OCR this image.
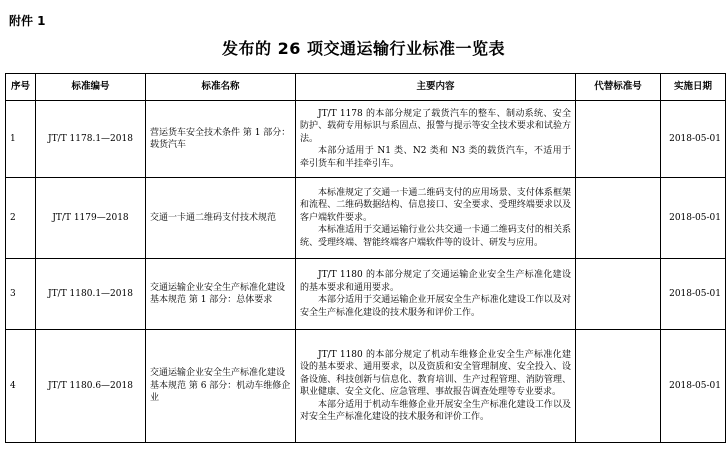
附件 1
发布的 26 项交通运输行业标准一览表
序号	标准编号	标准名称	主要内容	代替标准号	实施日期
1	JT/T 1178.1—2018	营运货车安全技术条件 第 1 部分：载货汽车	JT/T 1178 的本部分规定了载货汽车的整车、制动系统、安全防护、载荷专用标识与系固点、报警与提示等安全技术要求和试验方法。

本部分适用于 N1 类、N2 类和 N3 类的载货汽车，不适用于牵引货车和半挂牵引车。		2018-05-01
2	JT/T 1179—2018	交通一卡通二维码支付技术规范	本标准规定了交通一卡通二维码支付的应用场景、支付体系框架和流程、二维码数据结构、信息接口、安全要求、受理终端要求以及客户端软件要求。

本标准适用于交通运输行业公共交通一卡通二维码支付的相关系统、受理终端、智能终端客户端软件等的设计、研发与应用。		2018-05-01
3	JT/T 1180.1—2018	交通运输企业安全生产标准化建设基本规范 第 1 部分：总体要求	JT/T 1180 的本部分规定了交通运输企业安全生产标准化建设的基本要求和通用要求。

本部分适用于交通运输企业开展安全生产标准化建设工作以及对安全生产标准化建设的技术服务和评价工作。		2018-05-01
4	JT/T 1180.6—2018	交通运输企业安全生产标准化建设基本规范 第 6 部分：机动车维修企业	JT/T 1180 的本部分规定了机动车维修企业安全生产标准化建设的基本要求、通用要求，以及资质和安全管理制度、安全投入、设备设施、科技创新与信息化、教育培训、生产过程管理、消防管理、职业健康、安全文化、应急管理、事故报告调查处理等专业要求。

本部分适用于机动车维修企业开展安全生产标准化建设工作以及对安全生产标准化建设的技术服务和评价工作。		2018-05-01
